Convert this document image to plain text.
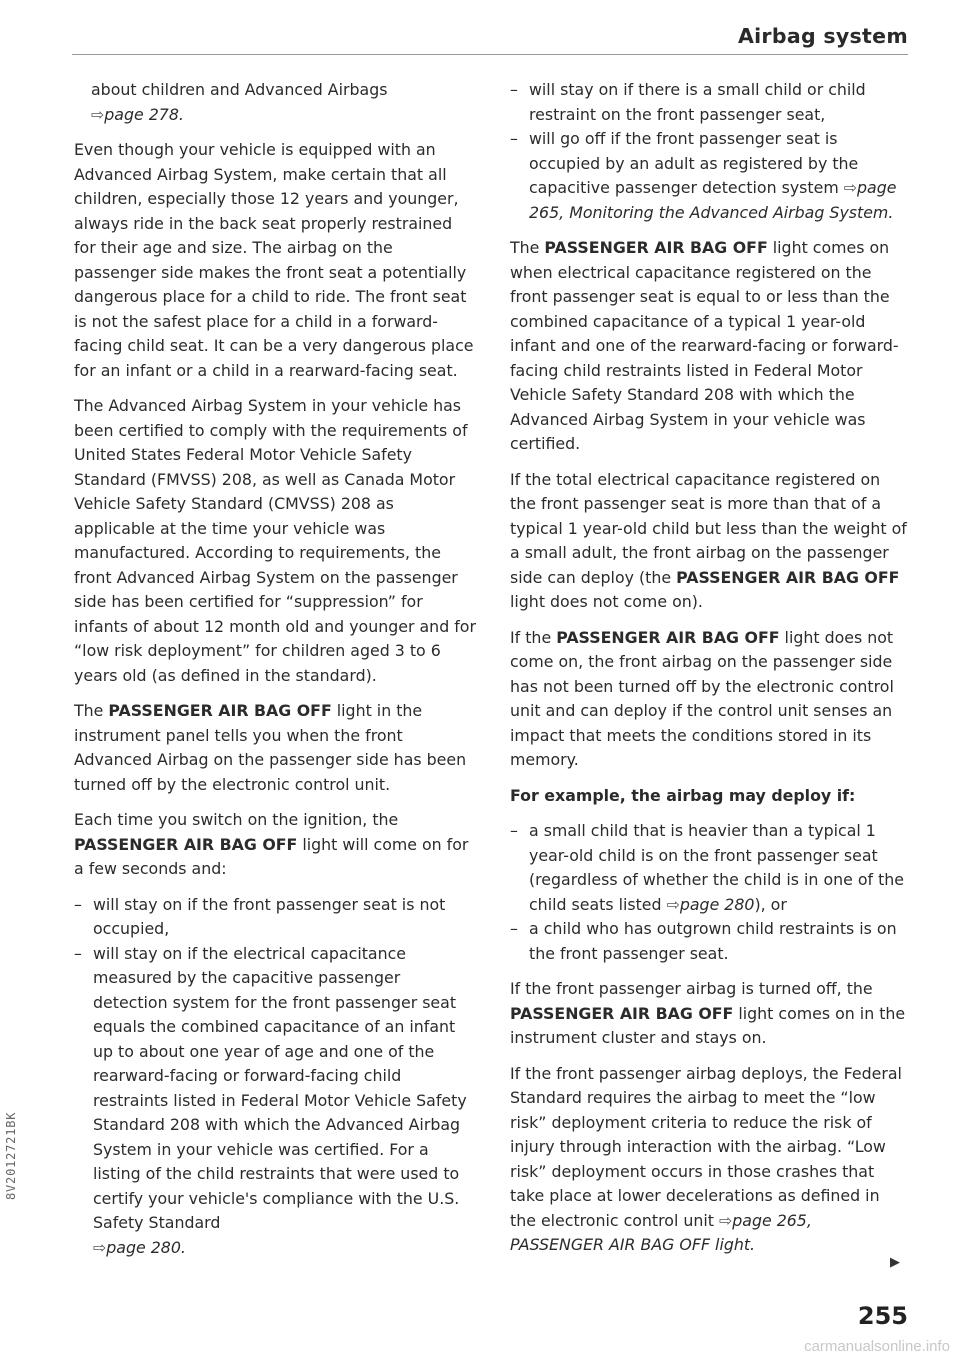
Airbag system
about children and Advanced Airbags
⇨page 278.

Even though your vehicle is equipped with an Advanced Airbag System, make certain that all children, especially those 12 years and younger, always ride in the back seat properly restrained for their age and size. The airbag on the passenger side makes the front seat a potentially dangerous place for a child to ride. The front seat is not the safest place for a child in a forward-facing child seat. It can be a very dangerous place for an infant or a child in a rearward-facing seat.

The Advanced Airbag System in your vehicle has been certified to comply with the requirements of United States Federal Motor Vehicle Safety Standard (FMVSS) 208, as well as Canada Motor Vehicle Safety Standard (CMVSS) 208 as applicable at the time your vehicle was manufactured. According to requirements, the front Advanced Airbag System on the passenger side has been certified for “suppression” for infants of about 12 month old and younger and for “low risk deployment” for children aged 3 to 6 years old (as defined in the standard).

The PASSENGER AIR BAG OFF light in the instrument panel tells you when the front Advanced Airbag on the passenger side has been turned off by the electronic control unit.

Each time you switch on the ignition, the PASSENGER AIR BAG OFF light will come on for a few seconds and:

– will stay on if the front passenger seat is not occupied,
– will stay on if the electrical capacitance measured by the capacitive passenger detection system for the front passenger seat equals the combined capacitance of an infant up to about one year of age and one of the rearward-facing or forward-facing child restraints listed in Federal Motor Vehicle Safety Standard 208 with which the Advanced Airbag System in your vehicle was certified. For a listing of the child restraints that were used to certify your vehicle's compliance with the U.S. Safety Standard
⇨page 280.
– will stay on if there is a small child or child restraint on the front passenger seat,
– will go off if the front passenger seat is occupied by an adult as registered by the capacitive passenger detection system ⇨page 265, Monitoring the Advanced Airbag System.

The PASSENGER AIR BAG OFF light comes on when electrical capacitance registered on the front passenger seat is equal to or less than the combined capacitance of a typical 1 year-old infant and one of the rearward-facing or forward-facing child restraints listed in Federal Motor Vehicle Safety Standard 208 with which the Advanced Airbag System in your vehicle was certified.

If the total electrical capacitance registered on the front passenger seat is more than that of a typical 1 year-old child but less than the weight of a small adult, the front airbag on the passenger side can deploy (the PASSENGER AIR BAG OFF light does not come on).

If the PASSENGER AIR BAG OFF light does not come on, the front airbag on the passenger side has not been turned off by the electronic control unit and can deploy if the control unit senses an impact that meets the conditions stored in its memory.

For example, the airbag may deploy if:

– a small child that is heavier than a typical 1 year-old child is on the front passenger seat (regardless of whether the child is in one of the child seats listed ⇨page 280), or
– a child who has outgrown child restraints is on the front passenger seat.

If the front passenger airbag is turned off, the PASSENGER AIR BAG OFF light comes on in the instrument cluster and stays on.

If the front passenger airbag deploys, the Federal Standard requires the airbag to meet the “low risk” deployment criteria to reduce the risk of injury through interaction with the airbag. “Low risk” deployment occurs in those crashes that take place at lower decelerations as defined in the electronic control unit ⇨page 265, PASSENGER AIR BAG OFF light.

▶
255
8V2012721BK
carmanualsonline.info
